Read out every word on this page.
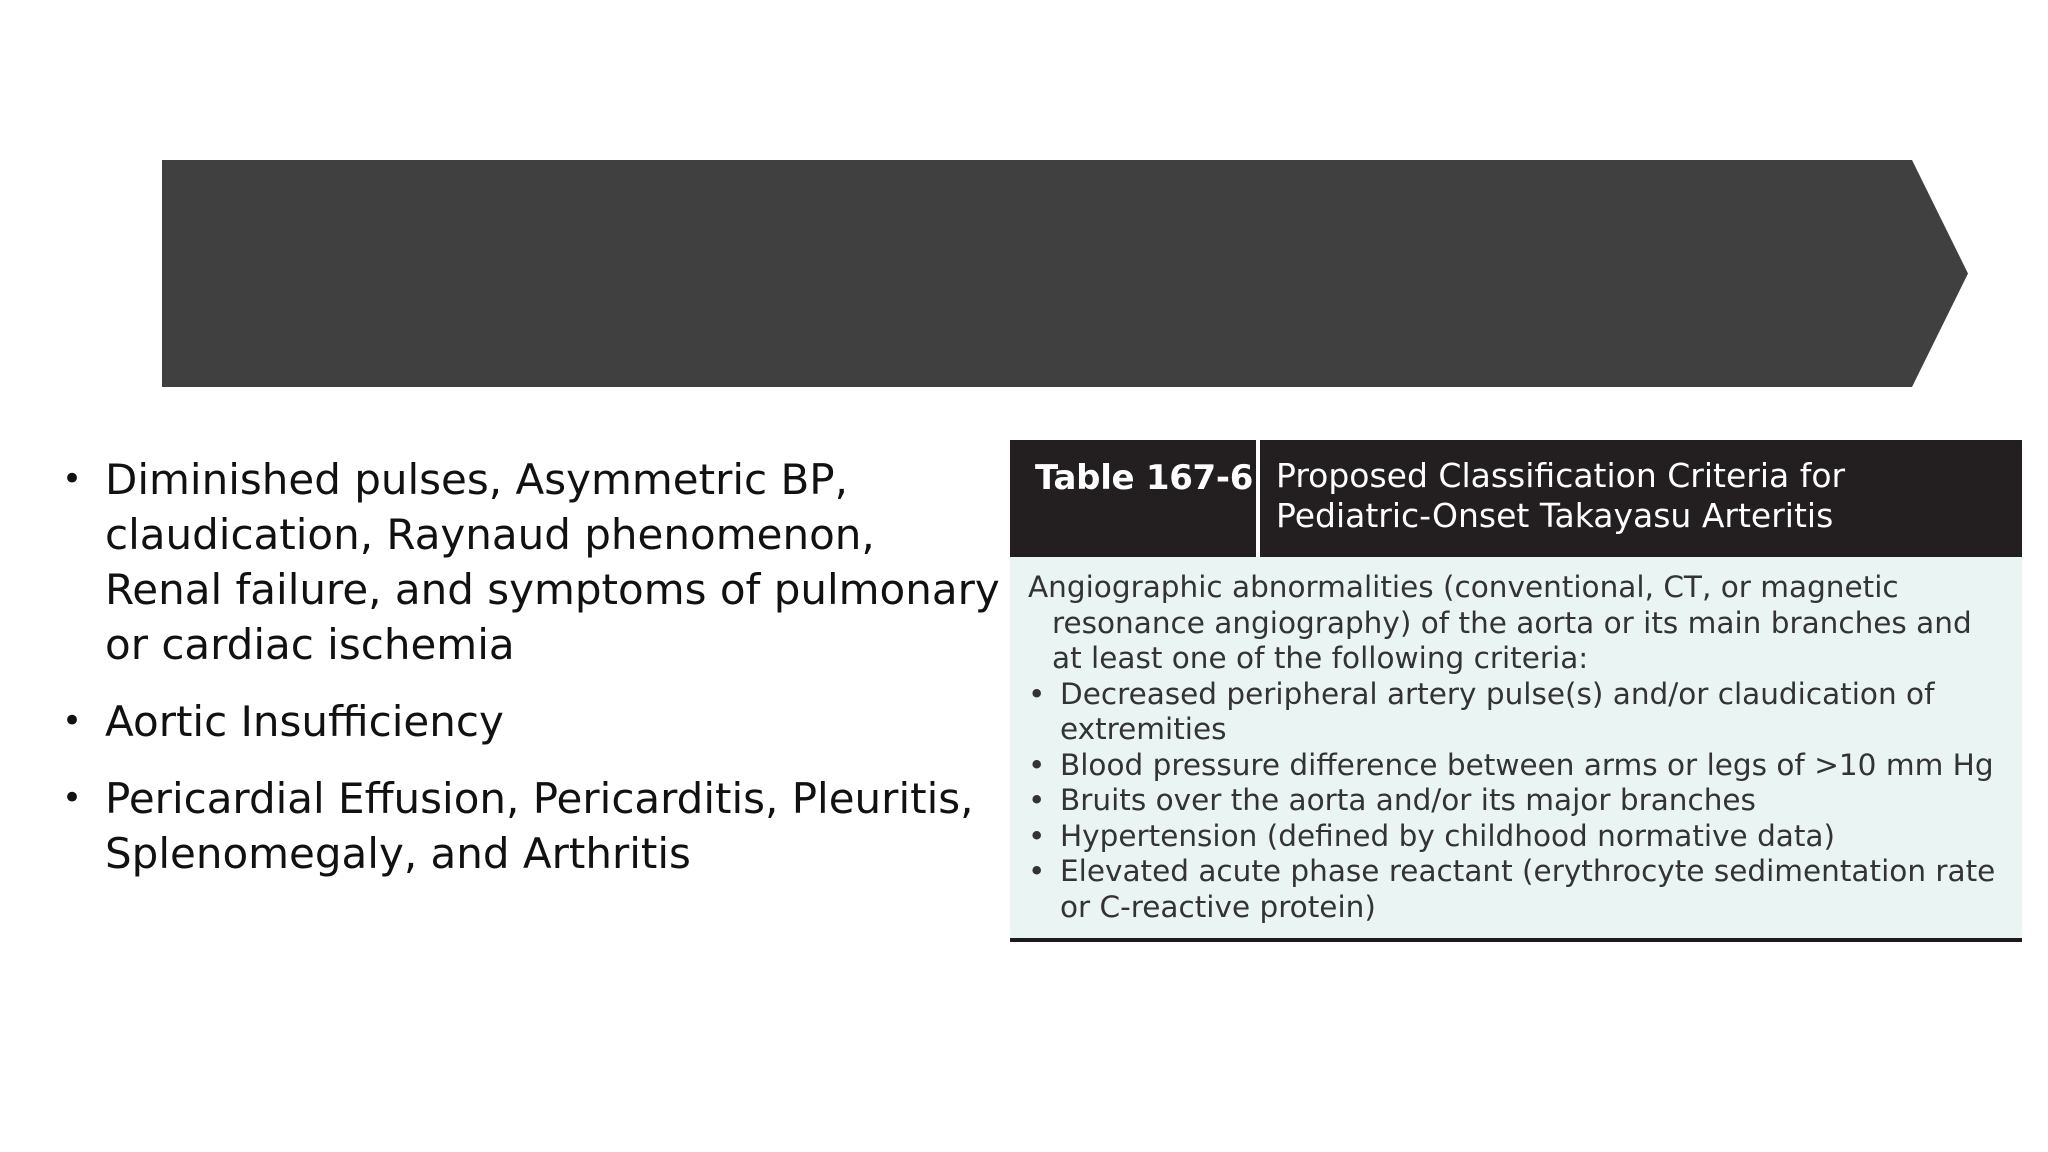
• Diminished pulses, Asymmetric BP, claudication, Raynaud phenomenon, Renal failure, and symptoms of pulmonary or cardiac ischemia
• Aortic Insufficiency
• Pericardial Effusion, Pericarditis, Pleuritis, Splenomegaly, and Arthritis
Table 167-6 Proposed Classification Criteria for
Pediatric-Onset Takayasu Arteritis
Angiographic abnormalities (conventional, CT, or magnetic resonance angiography) of the aorta or its main branches and at least one of the following criteria:
• Decreased peripheral artery pulse(s) and/or claudication of extremities
• Blood pressure difference between arms or legs of >10 mm Hg
• Bruits over the aorta and/or its major branches
• Hypertension (defined by childhood normative data)
• Elevated acute phase reactant (erythrocyte sedimentation rate or C-reactive protein)
